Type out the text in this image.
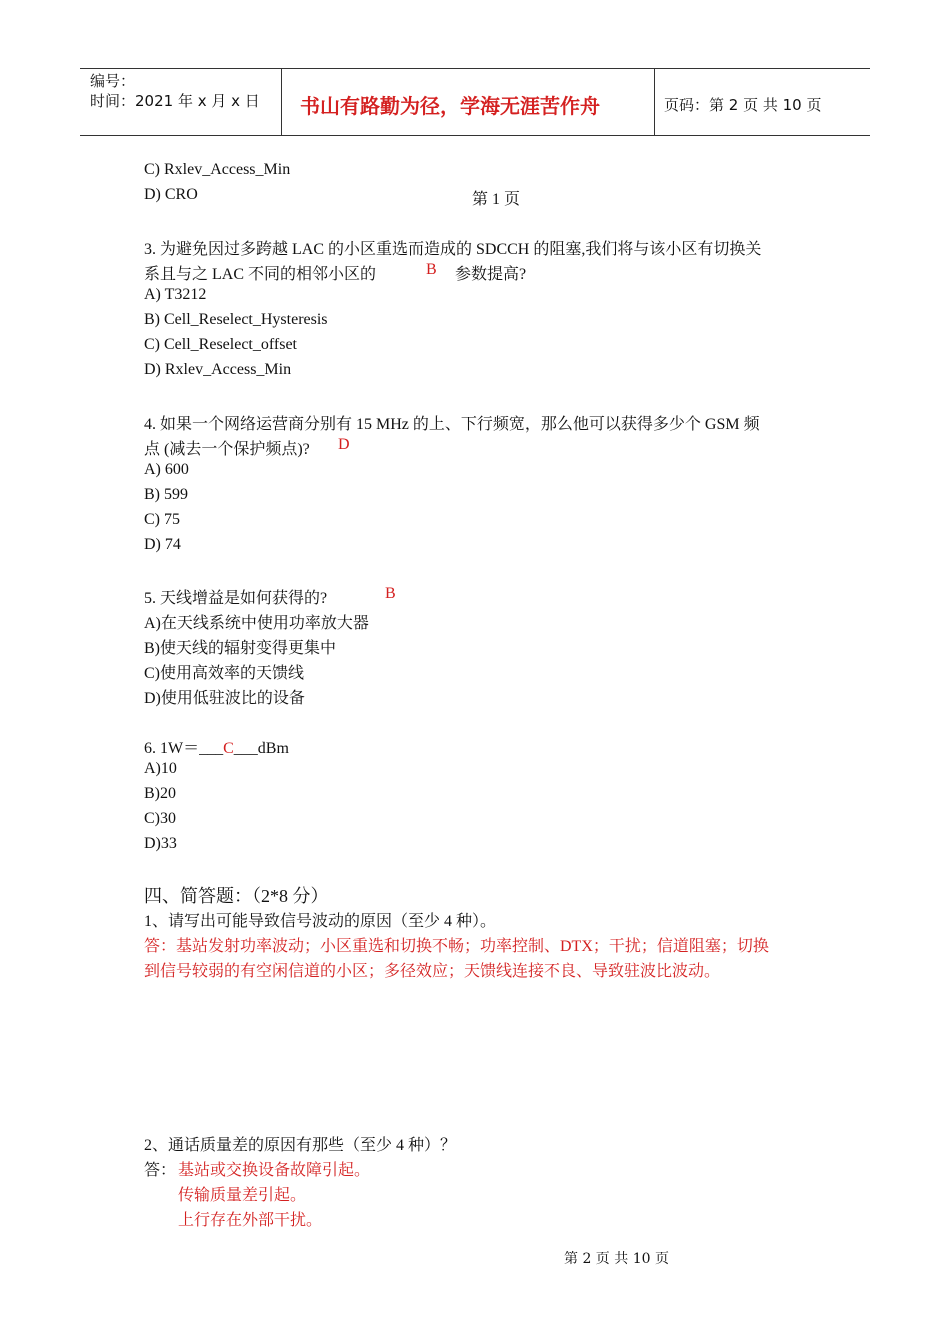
编号：
时间：2021 年 x 月 x 日 书山有路勤为径，学海无涯苦作舟	页码：第 2 页 共 10 页
C) Rxlev_Access_Min
D) CRO	第 1 页
3. 为避免因过多跨越 LAC 的小区重选而造成的 SDCCH 的阻塞,我们将与该小区有切换关
系且与之 LAC 不同的相邻小区的	B 参数提高?
A) T3212
B) Cell_Reselect_Hysteresis
C) Cell_Reselect_offset
D) Rxlev_Access_Min
4. 如果一个网络运营商分别有 15 MHz 的上、下行频宽，那么他可以获得多少个 GSM 频
点 (减去一个保护频点)? D
A) 600
B) 599
C) 75
D) 74
5. 天线增益是如何获得的?	B
A)在天线系统中使用功率放大器
B)使天线的辐射变得更集中
C)使用高效率的天馈线
D)使用低驻波比的设备
6. 1W＝___C___dBm
A)10
B)20
C)30
D)33
四、简答题：（2*8 分）
1、请写出可能导致信号波动的原因（至少 4 种）。
答：基站发射功率波动；小区重选和切换不畅；功率控制、DTX；干扰；信道阻塞；切换
到信号较弱的有空闲信道的小区；多径效应；天馈线连接不良、导致驻波比波动。
2、通话质量差的原因有那些（至少 4 种）？
答： 基站或交换设备故障引起。
传输质量差引起。
上行存在外部干扰。
第 2 页 共 10 页
